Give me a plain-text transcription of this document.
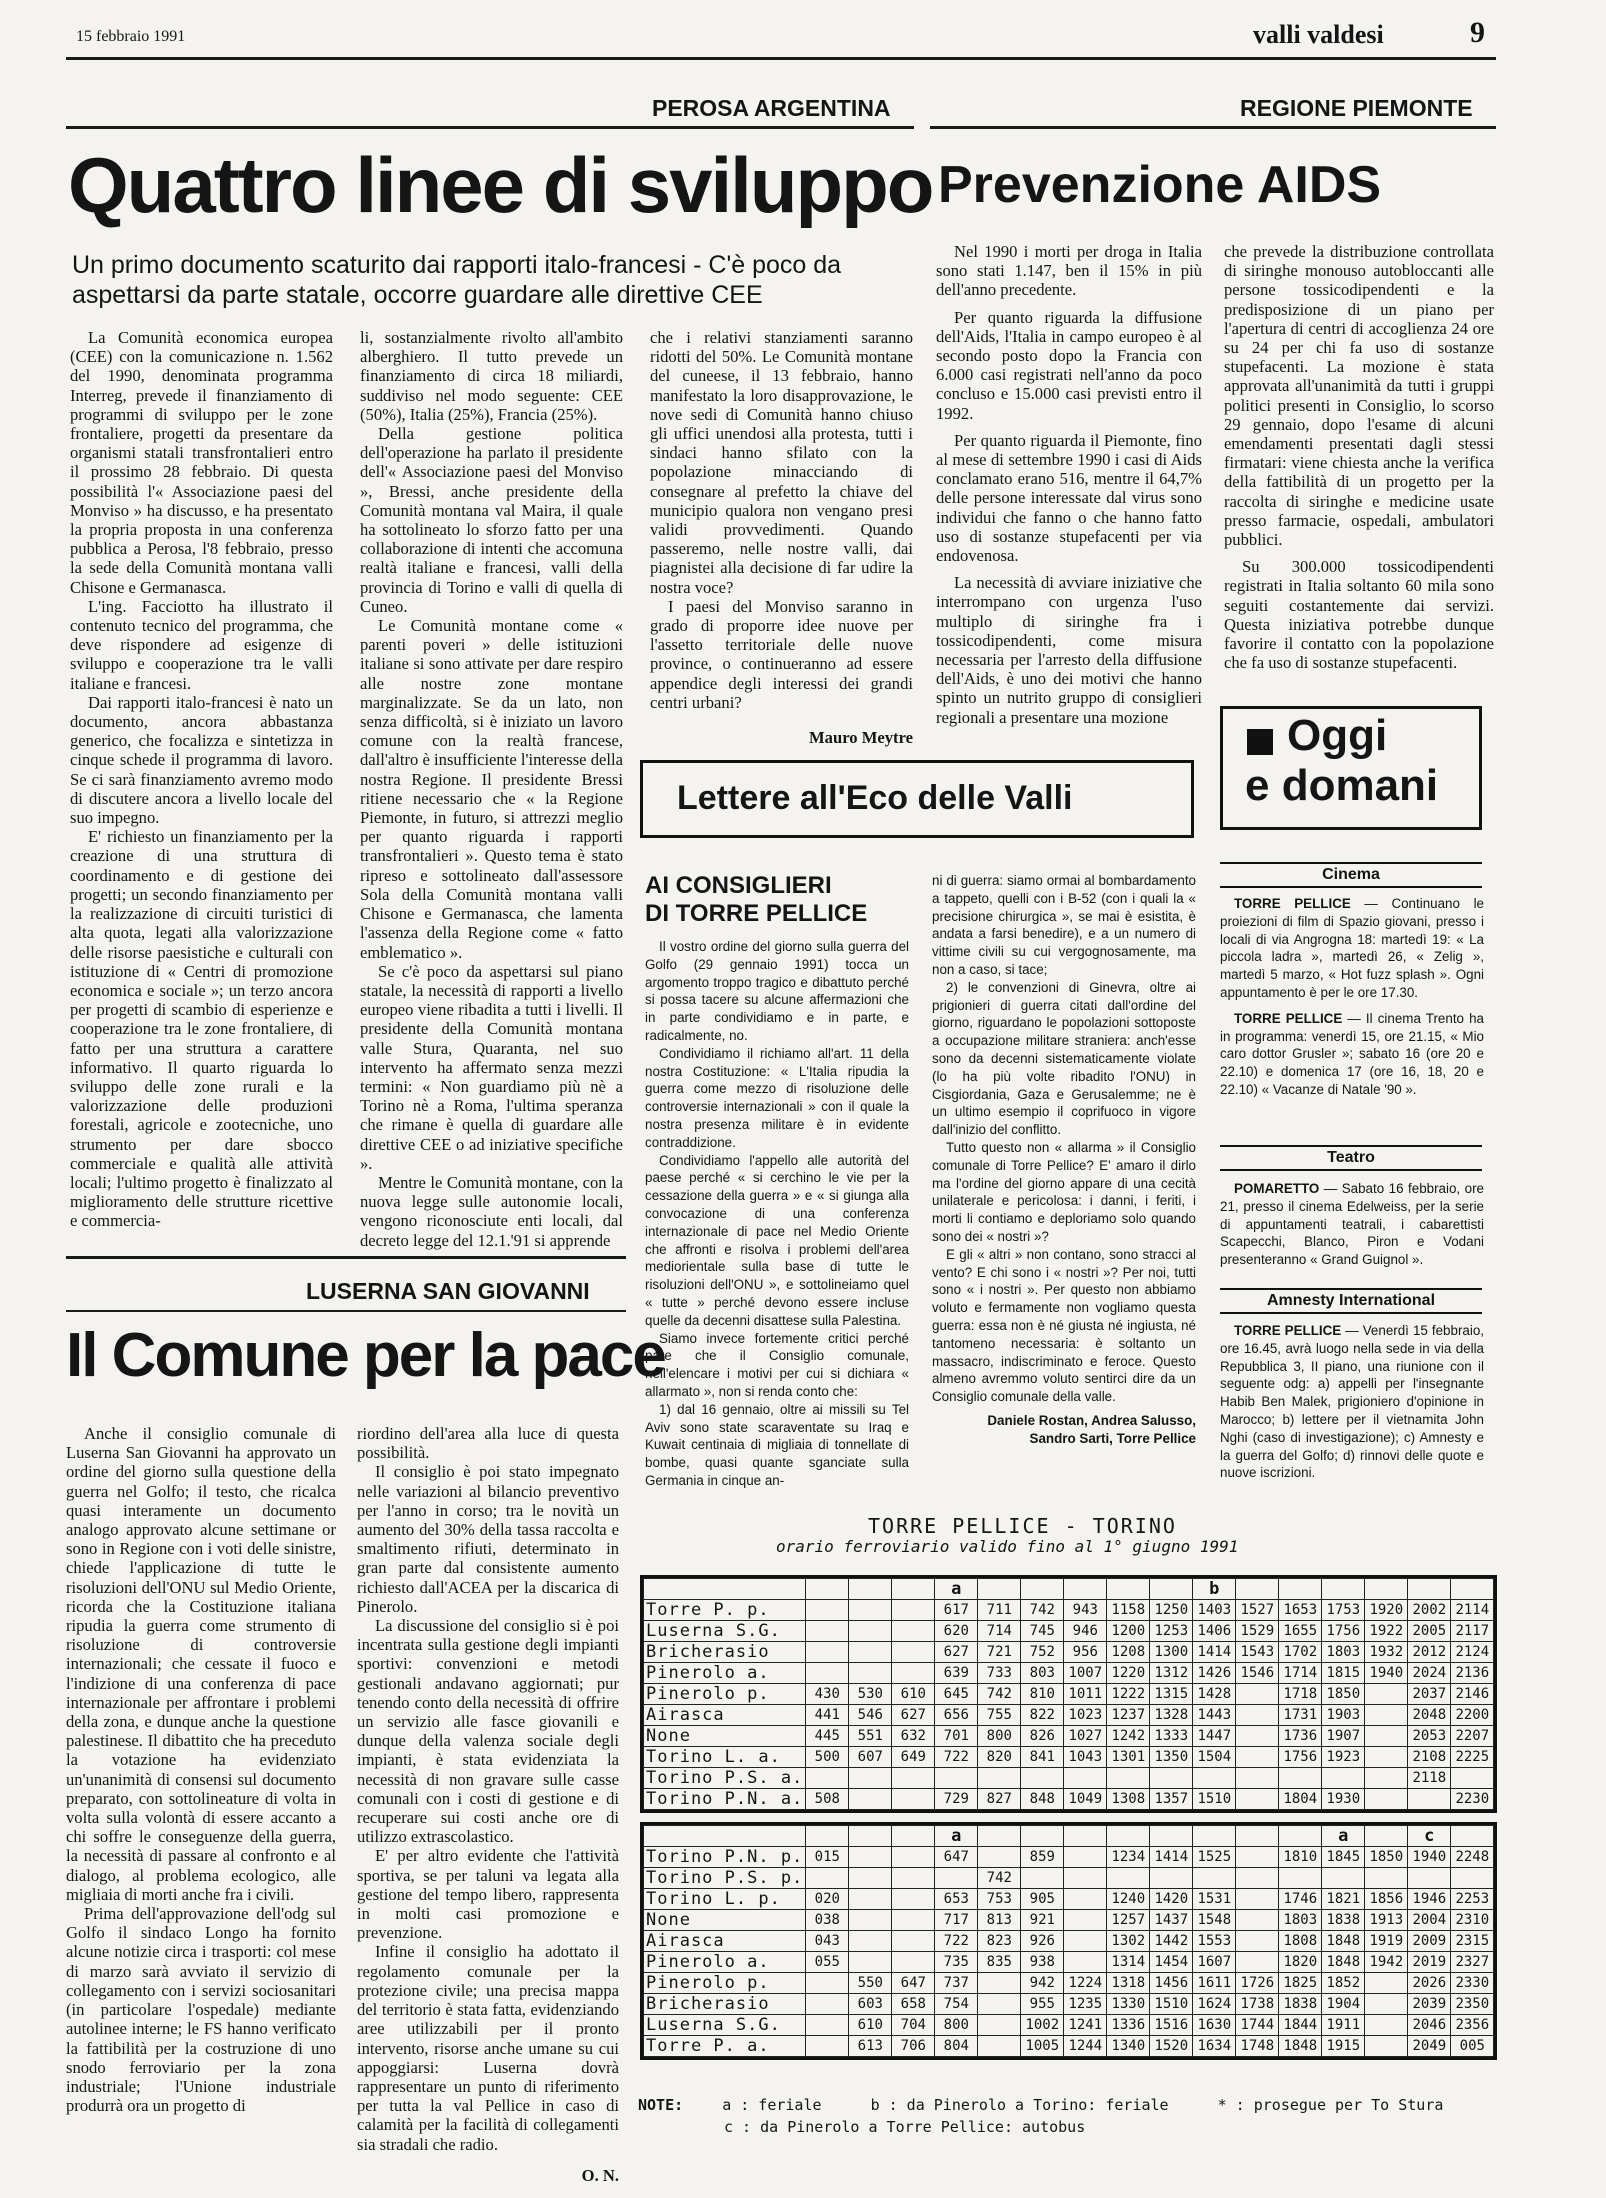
15 febbraio 1991	valli valdesi	9
PEROSA ARGENTINA
Quattro linee di sviluppo
Un primo documento scaturito dai rapporti italo-francesi - C'è poco da aspettarsi da parte statale, occorre guardare alle direttive CEE

La Comunità economica europea (CEE) con la comunicazione n. 1.562 del 1990, denominata programma Interreg, prevede il finanziamento di programmi di sviluppo per le zone frontaliere, progetti da presentare da organismi statali transfrontalieri entro il prossimo 28 febbraio. Di questa possibilità l'« Associazione paesi del Monviso » ha discusso, e ha presentato la propria proposta in una conferenza pubblica a Perosa, l'8 febbraio, presso la sede della Comunità montana valli Chisone e Germanasca.

L'ing. Facciotto ha illustrato il contenuto tecnico del programma, che deve rispondere ad esigenze di sviluppo e cooperazione tra le valli italiane e francesi.

Dai rapporti italo-francesi è nato un documento, ancora abbastanza generico, che focalizza e sintetizza in cinque schede il programma di lavoro. Se ci sarà finanziamento avremo modo di discutere ancora a livello locale del suo impegno.

E' richiesto un finanziamento per la creazione di una struttura di coordinamento e di gestione dei progetti; un secondo finanziamento per la realizzazione di circuiti turistici di alta quota, legati alla valorizzazione delle risorse paesistiche e culturali con istituzione di « Centri di promozione economica e sociale »; un terzo ancora per progetti di scambio di esperienze e cooperazione tra le zone frontaliere, di fatto per una struttura a carattere informativo. Il quarto riguarda lo sviluppo delle zone rurali e la valorizzazione delle produzioni forestali, agricole e zootecniche, uno strumento per dare sbocco commerciale e qualità alle attività locali; l'ultimo progetto è finalizzato al miglioramento delle strutture ricettive e commercia-

li, sostanzialmente rivolto all'ambito alberghiero. Il tutto prevede un finanziamento di circa 18 miliardi, suddiviso nel modo seguente: CEE (50%), Italia (25%), Francia (25%).

Della gestione politica dell'operazione ha parlato il presidente dell'« Associazione paesi del Monviso », Bressi, anche presidente della Comunità montana val Maira, il quale ha sottolineato lo sforzo fatto per una collaborazione di intenti che accomuna realtà italiane e francesi, valli della provincia di Torino e valli di quella di Cuneo.

Le Comunità montane come « parenti poveri » delle istituzioni italiane si sono attivate per dare respiro alle nostre zone montane marginalizzate. Se da un lato, non senza difficoltà, si è iniziato un lavoro comune con la realtà francese, dall'altro è insufficiente l'interesse della nostra Regione. Il presidente Bressi ritiene necessario che « la Regione Piemonte, in futuro, si attrezzi meglio per quanto riguarda i rapporti transfrontalieri ». Questo tema è stato ripreso e sottolineato dall'assessore Sola della Comunità montana valli Chisone e Germanasca, che lamenta l'assenza della Regione come « fatto emblematico ».

Se c'è poco da aspettarsi sul piano statale, la necessità di rapporti a livello europeo viene ribadita a tutti i livelli. Il presidente della Comunità montana valle Stura, Quaranta, nel suo intervento ha affermato senza mezzi termini: « Non guardiamo più nè a Torino nè a Roma, l'ultima speranza che rimane è quella di guardare alle direttive CEE o ad iniziative specifiche ».

Mentre le Comunità montane, con la nuova legge sulle autonomie locali, vengono riconosciute enti locali, dal decreto legge del 12.1.'91 si apprende

che i relativi stanziamenti saranno ridotti del 50%. Le Comunità montane del cuneese, il 13 febbraio, hanno manifestato la loro disapprovazione, le nove sedi di Comunità hanno chiuso gli uffici unendosi alla protesta, tutti i sindaci hanno sfilato con la popolazione minacciando di consegnare al prefetto la chiave del municipio qualora non vengano presi validi provvedimenti. Quando passeremo, nelle nostre valli, dai piagnistei alla decisione di far udire la nostra voce?

I paesi del Monviso saranno in grado di proporre idee nuove per l'assetto territoriale delle nuove province, o continueranno ad essere appendice degli interessi dei grandi centri urbani?

Mauro Meytre

REGIONE PIEMONTE
Prevenzione AIDS

Nel 1990 i morti per droga in Italia sono stati 1.147, ben il 15% in più dell'anno precedente.

Per quanto riguarda la diffusione dell'Aids, l'Italia in campo europeo è al secondo posto dopo la Francia con 6.000 casi registrati nell'anno da poco concluso e 15.000 casi previsti entro il 1992.

Per quanto riguarda il Piemonte, fino al mese di settembre 1990 i casi di Aids conclamato erano 516, mentre il 64,7% delle persone interessate dal virus sono individui che fanno o che hanno fatto uso di sostanze stupefacenti per via endovenosa.

La necessità di avviare iniziative che interrompano con urgenza l'uso multiplo di siringhe fra i tossicodipendenti, come misura necessaria per l'arresto della diffusione dell'Aids, è uno dei motivi che hanno spinto un nutrito gruppo di consiglieri regionali a presentare una mozione

che prevede la distribuzione controllata di siringhe monouso autobloccanti alle persone tossicodipendenti e la predisposizione di un piano per l'apertura di centri di accoglienza 24 ore su 24 per chi fa uso di sostanze stupefacenti. La mozione è stata approvata all'unanimità da tutti i gruppi politici presenti in Consiglio, lo scorso 29 gennaio, dopo l'esame di alcuni emendamenti presentati dagli stessi firmatari: viene chiesta anche la verifica della fattibilità di un progetto per la raccolta di siringhe e medicine usate presso farmacie, ospedali, ambulatori pubblici.

Su 300.000 tossicodipendenti registrati in Italia soltanto 60 mila sono seguiti costantemente dai servizi. Questa iniziativa potrebbe dunque favorire il contatto con la popolazione che fa uso di sostanze stupefacenti.

Oggi
e domani
Cinema

TORRE PELLICE — Continuano le proiezioni di film di Spazio giovani, presso i locali di via Angrogna 18: martedì 19: « La piccola ladra », martedì 26, « Zelig », martedì 5 marzo, « Hot fuzz splash ». Ogni appuntamento è per le ore 17.30.

TORRE PELLICE — Il cinema Trento ha in programma: venerdì 15, ore 21.15, « Mio caro dottor Grusler »; sabato 16 (ore 20 e 22.10) e domenica 17 (ore 16, 18, 20 e 22.10) « Vacanze di Natale '90 ».

Teatro

POMARETTO — Sabato 16 febbraio, ore 21, presso il cinema Edelweiss, per la serie di appuntamenti teatrali, i cabarettisti Scapecchi, Blanco, Piron e Vodani presenteranno « Grand Guignol ».

Amnesty International

TORRE PELLICE — Venerdì 15 febbraio, ore 16.45, avrà luogo nella sede in via della Repubblica 3, II piano, una riunione con il seguente odg: a) appelli per l'insegnante Habib Ben Malek, prigioniero d'opinione in Marocco; b) lettere per il vietnamita John Nghi (caso di investigazione); c) Amnesty e la guerra del Golfo; d) rinnovi delle quote e nuove iscrizioni.

Lettere all'Eco delle Valli
AI CONSIGLIERI
DI TORRE PELLICE

Il vostro ordine del giorno sulla guerra del Golfo (29 gennaio 1991) tocca un argomento troppo tragico e dibattuto perché si possa tacere su alcune affermazioni che in parte condividiamo e in parte, e radicalmente, no.

Condividiamo il richiamo all'art. 11 della nostra Costituzione: « L'Italia ripudia la guerra come mezzo di risoluzione delle controversie internazionali » con il quale la nostra presenza militare è in evidente contraddizione.

Condividiamo l'appello alle autorità del paese perché « si cerchino le vie per la cessazione della guerra » e « si giunga alla convocazione di una conferenza internazionale di pace nel Medio Oriente che affronti e risolva i problemi dell'area mediorientale sulla base di tutte le risoluzioni dell'ONU », e sottolineiamo quel « tutte » perché devono essere incluse quelle da decenni disattese sulla Palestina.

Siamo invece fortemente critici perché pare che il Consiglio comunale, nell'elencare i motivi per cui si dichiara « allarmato », non si renda conto che:

1) dal 16 gennaio, oltre ai missili su Tel Aviv sono state scaraventate su Iraq e Kuwait centinaia di migliaia di tonnellate di bombe, quasi quante sganciate sulla Germania in cinque an-

ni di guerra: siamo ormai al bombardamento a tappeto, quelli con i B-52 (con i quali la « precisione chirurgica », se mai è esistita, è andata a farsi benedire), e a un numero di vittime civili su cui vergognosamente, ma non a caso, si tace;

2) le convenzioni di Ginevra, oltre ai prigionieri di guerra citati dall'ordine del giorno, riguardano le popolazioni sottoposte a occupazione militare straniera: anch'esse sono da decenni sistematicamente violate (lo ha più volte ribadito l'ONU) in Cisgiordania, Gaza e Gerusalemme; ne è un ultimo esempio il coprifuoco in vigore dall'inizio del conflitto.

Tutto questo non « allarma » il Consiglio comunale di Torre Pellice? E' amaro il dirlo ma l'ordine del giorno appare di una cecità unilaterale e pericolosa: i danni, i feriti, i morti li contiamo e deploriamo solo quando sono dei « nostri »?

E gli « altri » non contano, sono stracci al vento? E chi sono i « nostri »? Per noi, tutti sono « i nostri ». Per questo non abbiamo voluto e fermamente non vogliamo questa guerra: essa non è né giusta né ingiusta, né tantomeno necessaria: è soltanto un massacro, indiscriminato e feroce. Questo almeno avremmo voluto sentirci dire da un Consiglio comunale della valle.

Daniele Rostan, Andrea Salusso,

Sandro Sarti, Torre Pellice

LUSERNA SAN GIOVANNI
Il Comune per la pace

Anche il consiglio comunale di Luserna San Giovanni ha approvato un ordine del giorno sulla questione della guerra nel Golfo; il testo, che ricalca quasi interamente un documento analogo approvato alcune settimane or sono in Regione con i voti delle sinistre, chiede l'applicazione di tutte le risoluzioni dell'ONU sul Medio Oriente, ricorda che la Costituzione italiana ripudia la guerra come strumento di risoluzione di controversie internazionali; che cessate il fuoco e l'indizione di una conferenza di pace internazionale per affrontare i problemi della zona, e dunque anche la questione palestinese. Il dibattito che ha preceduto la votazione ha evidenziato un'unanimità di consensi sul documento preparato, con sottolineature di volta in volta sulla volontà di essere accanto a chi soffre le conseguenze della guerra, la necessità di passare al confronto e al dialogo, al problema ecologico, alle migliaia di morti anche fra i civili.

Prima dell'approvazione dell'odg sul Golfo il sindaco Longo ha fornito alcune notizie circa i trasporti: col mese di marzo sarà avviato il servizio di collegamento con i servizi sociosanitari (in particolare l'ospedale) mediante autolinee interne; le FS hanno verificato la fattibilità per la costruzione di uno snodo ferroviario per la zona industriale; l'Unione industriale produrrà ora un progetto di

riordino dell'area alla luce di questa possibilità.

Il consiglio è poi stato impegnato nelle variazioni al bilancio preventivo per l'anno in corso; tra le novità un aumento del 30% della tassa raccolta e smaltimento rifiuti, determinato in gran parte dal consistente aumento richiesto dall'ACEA per la discarica di Pinerolo.

La discussione del consiglio si è poi incentrata sulla gestione degli impianti sportivi: convenzioni e metodi gestionali andavano aggiornati; pur tenendo conto della necessità di offrire un servizio alle fasce giovanili e dunque della valenza sociale degli impianti, è stata evidenziata la necessità di non gravare sulle casse comunali con i costi di gestione e di recuperare sui costi anche ore di utilizzo extrascolastico.

E' per altro evidente che l'attività sportiva, se per taluni va legata alla gestione del tempo libero, rappresenta in molti casi promozione e prevenzione.

Infine il consiglio ha adottato il regolamento comunale per la protezione civile; una precisa mappa del territorio è stata fatta, evidenziando aree utilizzabili per il pronto intervento, risorse anche umane su cui appoggiarsi: Luserna dovrà rappresentare un punto di riferimento per tutta la val Pellice in caso di calamità per la facilità di collegamenti sia stradali che radio.

O. N.

TORRE PELLICE - TORINO
orario ferroviario valido fino al 1° giugno 1991
				a						b						
Torre P. p.				617	711	742	943	1158	1250	1403	1527	1653	1753	1920	2002	2114
Luserna S.G.				620	714	745	946	1200	1253	1406	1529	1655	1756	1922	2005	2117
Bricherasio				627	721	752	956	1208	1300	1414	1543	1702	1803	1932	2012	2124
Pinerolo a.				639	733	803	1007	1220	1312	1426	1546	1714	1815	1940	2024	2136
Pinerolo p.	430	530	610	645	742	810	1011	1222	1315	1428		1718	1850		2037	2146
Airasca	441	546	627	656	755	822	1023	1237	1328	1443		1731	1903		2048	2200
None	445	551	632	701	800	826	1027	1242	1333	1447		1736	1907		2053	2207
Torino L. a.	500	607	649	722	820	841	1043	1301	1350	1504		1756	1923		2108	2225
Torino P.S. a.															2118	
Torino P.N. a.	508			729	827	848	1049	1308	1357	1510		1804	1930			2230
				a									a		c	
Torino P.N. p.	015			647		859		1234	1414	1525		1810	1845	1850	1940	2248
Torino P.S. p.					742											
Torino L. p.	020			653	753	905		1240	1420	1531		1746	1821	1856	1946	2253
None	038			717	813	921		1257	1437	1548		1803	1838	1913	2004	2310
Airasca	043			722	823	926		1302	1442	1553		1808	1848	1919	2009	2315
Pinerolo a.	055			735	835	938		1314	1454	1607		1820	1848	1942	2019	2327
Pinerolo p.		550	647	737		942	1224	1318	1456	1611	1726	1825	1852		2026	2330
Bricherasio		603	658	754		955	1235	1330	1510	1624	1738	1838	1904		2039	2350
Luserna S.G.		610	704	800		1002	1241	1336	1516	1630	1744	1844	1911		2046	2356
Torre P. a.		613	706	804		1005	1244	1340	1520	1634	1748	1848	1915		2049	005
NOTE:	a : feriale	b : da Pinerolo a Torino: feriale	* : prosegue per To Stura
c : da Pinerolo a Torre Pellice: autobus
